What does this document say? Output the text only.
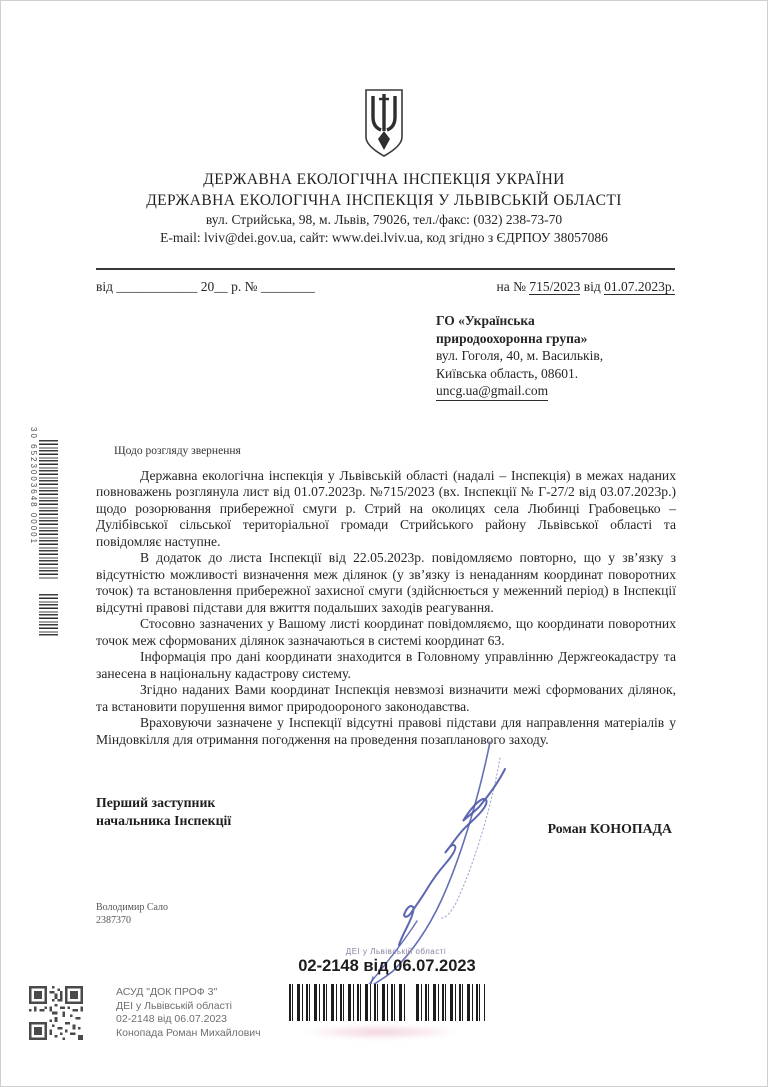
ДЕРЖАВНА ЕКОЛОГІЧНА ІНСПЕКЦІЯ УКРАЇНИ
ДЕРЖАВНА ЕКОЛОГІЧНА ІНСПЕКЦІЯ У ЛЬВІВСЬКІЙ ОБЛАСТІ
вул. Стрийська, 98, м. Львів, 79026, тел./факс: (032) 238-73-70
E-mail: lviv@dei.gov.ua, сайт: www.dei.lviv.ua, код згідно з ЄДРПОУ 38057086
від ____________ 20__ р. № ________	на № 715/2023 від 01.07.2023р.
ГО «Українська
природоохоронна група»
вул. Гоголя, 40, м. Васильків,
Київська область, 08601.
uncg.ua@gmail.com
Щодо розгляду звернення

Державна екологічна інспекція у Львівській області (надалі – Інспекція) в межах наданих повноважень розглянула лист від 01.07.2023р. №715/2023 (вх. Інспекції № Г-27/2 від 03.07.2023р.) щодо розорювання прибережної смуги р. Стрий на околицях села Любинці Грабовецько – Дулібівської сільської територіальної громади Стрийського району Львівської області та повідомляє наступне.

В додаток до листа Інспекції від 22.05.2023р. повідомляємо повторно, що у зв’язку з відсутністю можливості визначення меж ділянок (у зв’язку із ненаданням координат поворотних точок) та встановлення прибережної захисної смуги (здійснюється у меженний період) в Інспекції відсутні правові підстави для вжиття подальших заходів реагування.

Стосовно зазначених у Вашому листі координат повідомляємо, що координати поворотних точок меж сформованих ділянок зазначаються в системі координат 63.

Інформація про дані координати знаходится в Головному управлінню Держгеокадастру та занесена в національну кадастрову систему.

Згідно наданих Вами координат Інспекція невзмозі визначити межі сформованих ділянок, та встановити порушення вимог природоороного законодавства.

Враховуючи зазначене у Інспекції відсутні правові підстави для направлення матеріалів у Міндовкілля для отримання погодження на проведення позапланового заходу.

Перший заступник
начальника Інспекції
Роман КОНОПАДА
Володимир Сало
2387370
30 6523003648 00001
ДЕІ у Львівській області
02-2148 від 06.07.2023
АСУД "ДОК ПРОФ 3"
ДЕІ у Львівській області
02-2148 від 06.07.2023
Конопада Роман Михайлович
